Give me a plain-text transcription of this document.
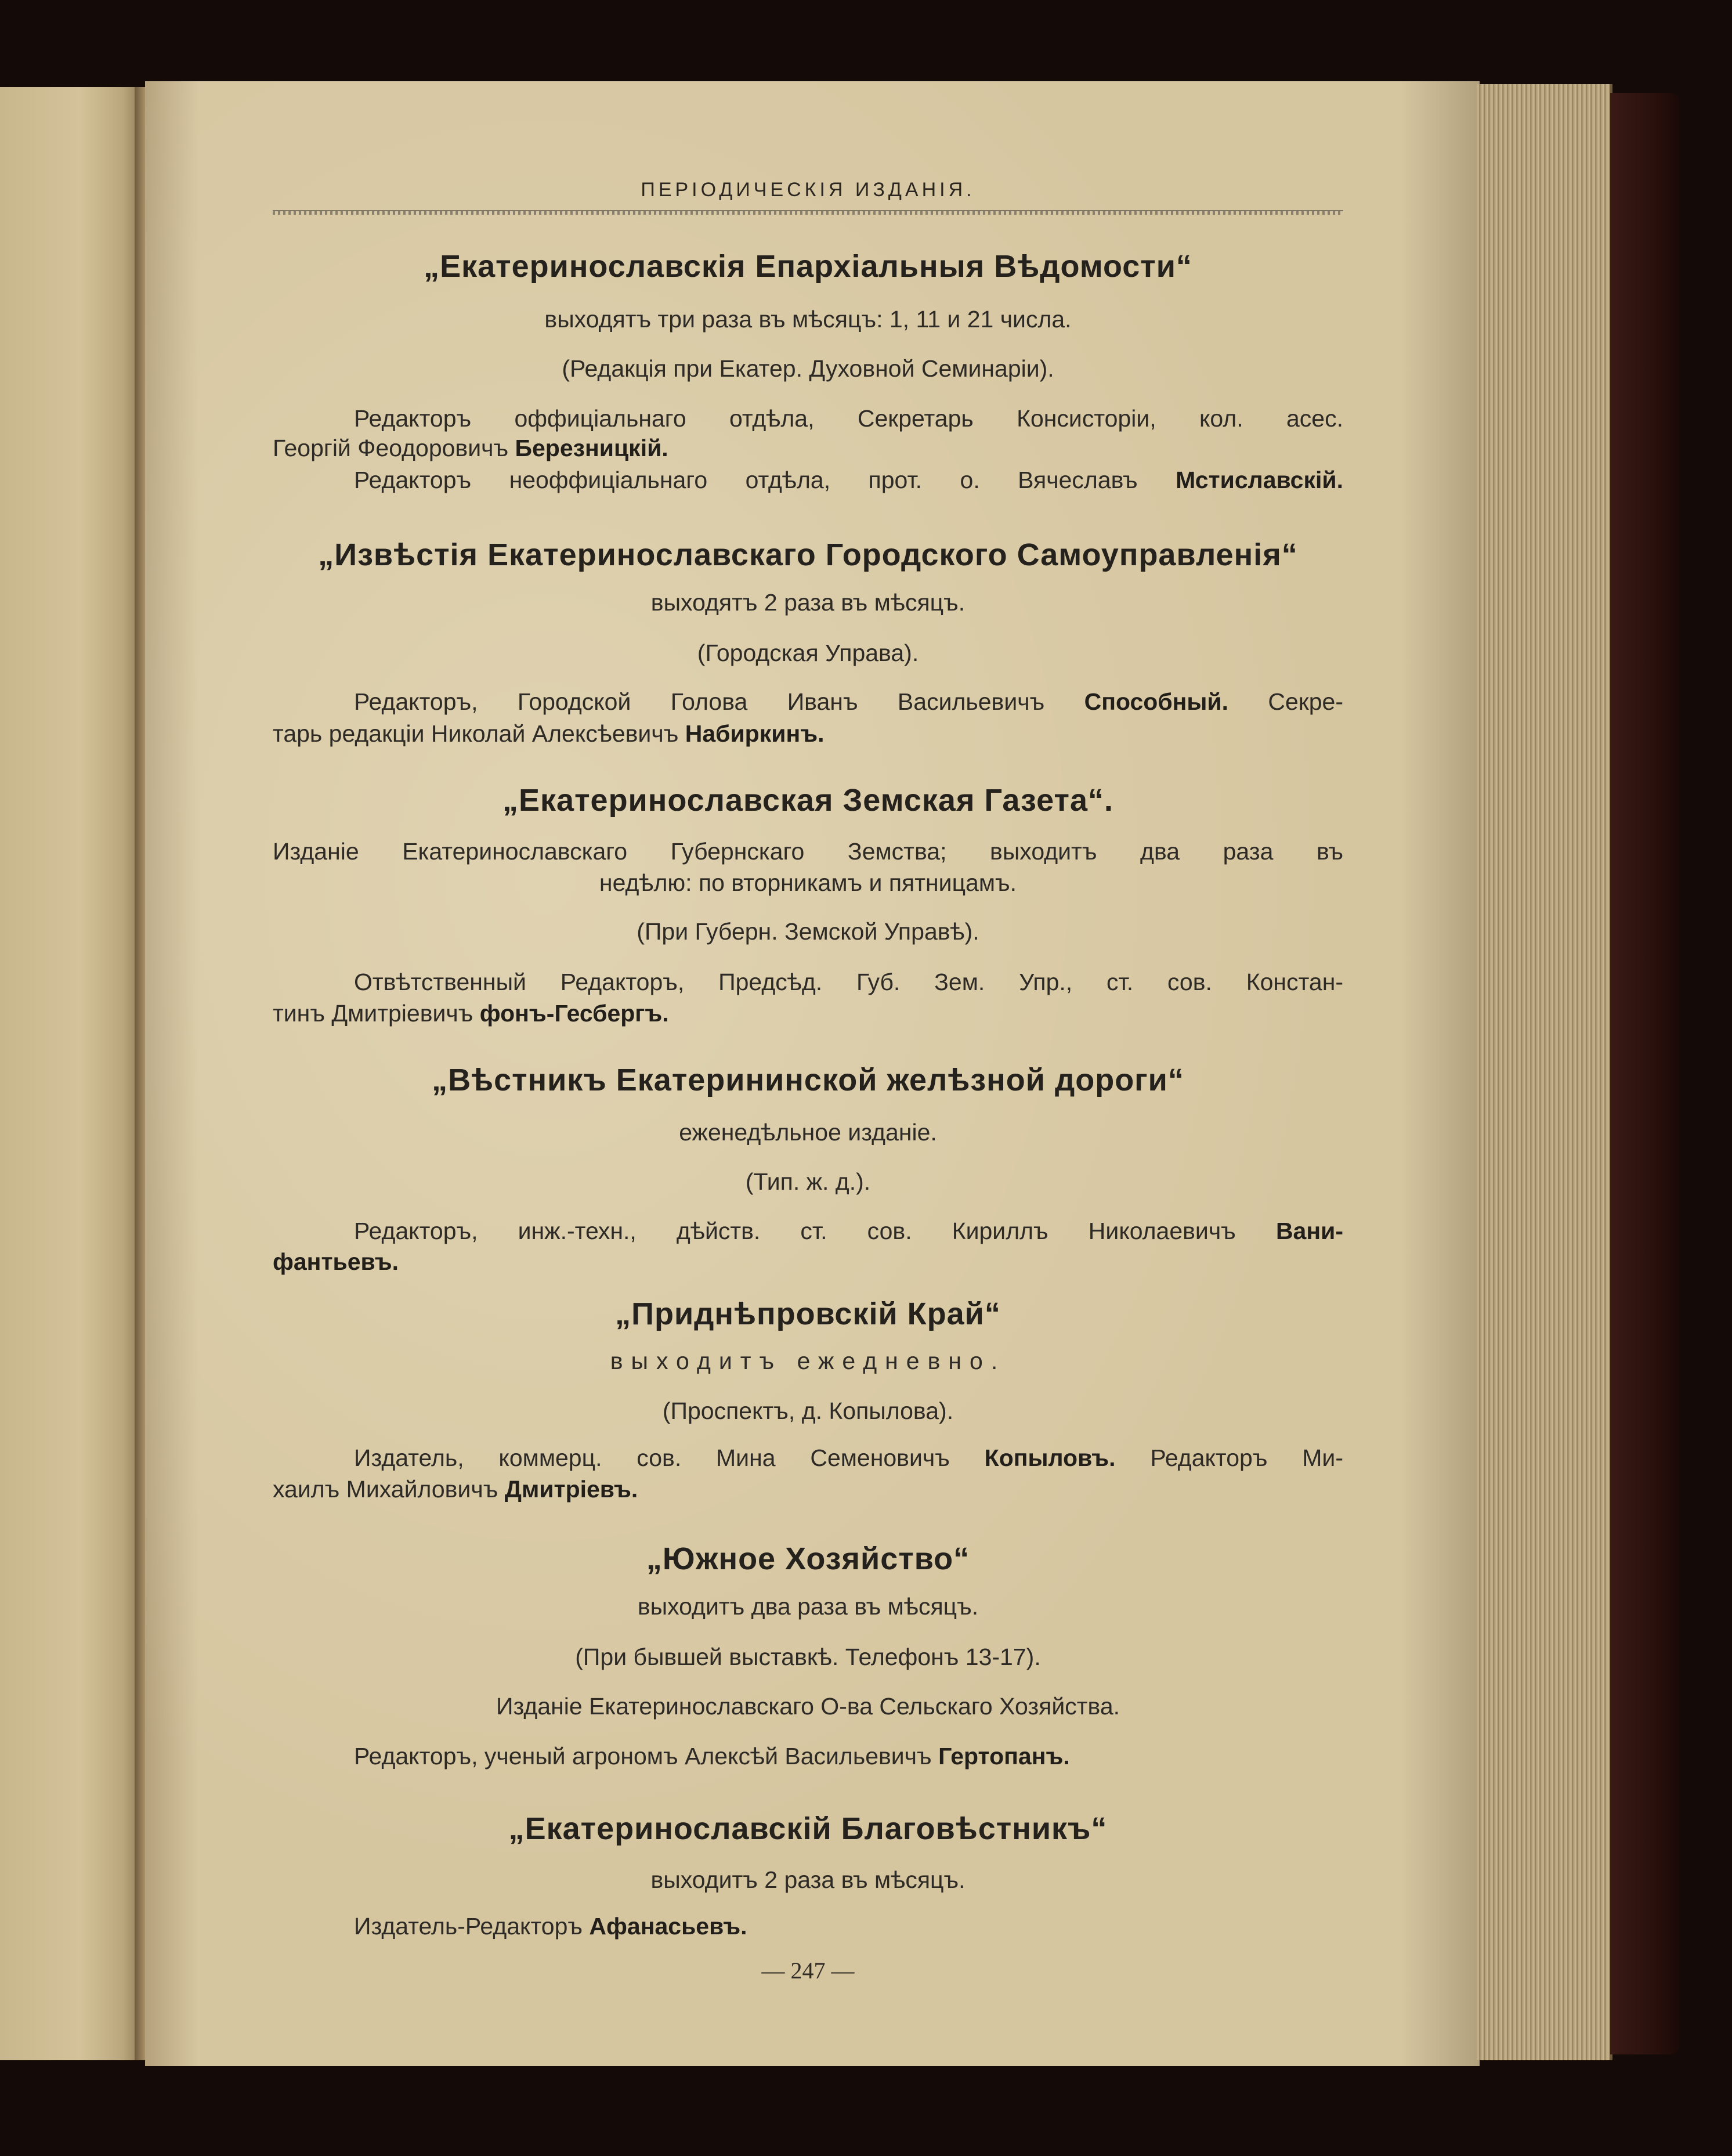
ПЕРІОДИЧЕСКІЯ ИЗДАНІЯ.
„Екатеринославскія Епархіальныя Вѣдомости“
выходятъ три раза въ мѣсяцъ: 1, 11 и 21 числа.
(Редакція при Екатер. Духовной Семинаріи).
Редакторъ оффиціальнаго отдѣла, Секретарь Консисторіи, кол. асес.
Георгій Феодоровичъ Березницкій.
Редакторъ неоффиціальнаго отдѣла, прот. о. Вячеславъ Мстиславскій.
„Извѣстія Екатеринославскаго Городского Самоуправленія“
выходятъ 2 раза въ мѣсяцъ.
(Городская Управа).
Редакторъ, Городской Голова Иванъ Васильевичъ Способный. Секре-
тарь редакціи Николай Алексѣевичъ Набиркинъ.
„Екатеринославская Земская Газета“.
Изданіе Екатеринославскаго Губернскаго Земства; выходитъ два раза въ
недѣлю: по вторникамъ и пятницамъ.
(При Губерн. Земской Управѣ).
Отвѣтственный Редакторъ, Предсѣд. Губ. Зем. Упр., ст. сов. Констан-
тинъ Дмитріевичъ фонъ-Гесбергъ.
„Вѣстникъ Екатерининской желѣзной дороги“
еженедѣльное изданіе.
(Тип. ж. д.).
Редакторъ, инж.-техн., дѣйств. ст. сов. Кириллъ Николаевичъ Вани-
фантьевъ.
„Приднѣпровскій Край“
выходитъ ежедневно.
(Проспектъ, д. Копылова).
Издатель, коммерц. сов. Мина Семеновичъ Копыловъ. Редакторъ Ми-
хаилъ Михайловичъ Дмитріевъ.
„Южное Хозяйство“
выходитъ два раза въ мѣсяцъ.
(При бывшей выставкѣ. Телефонъ 13-17).
Изданіе Екатеринославскаго О-ва Сельскаго Хозяйства.
Редакторъ, ученый агрономъ Алексѣй Васильевичъ Гертопанъ.
„Екатеринославскій Благовѣстникъ“
выходитъ 2 раза въ мѣсяцъ.
Издатель-Редакторъ Афанасьевъ.
— 247 —
